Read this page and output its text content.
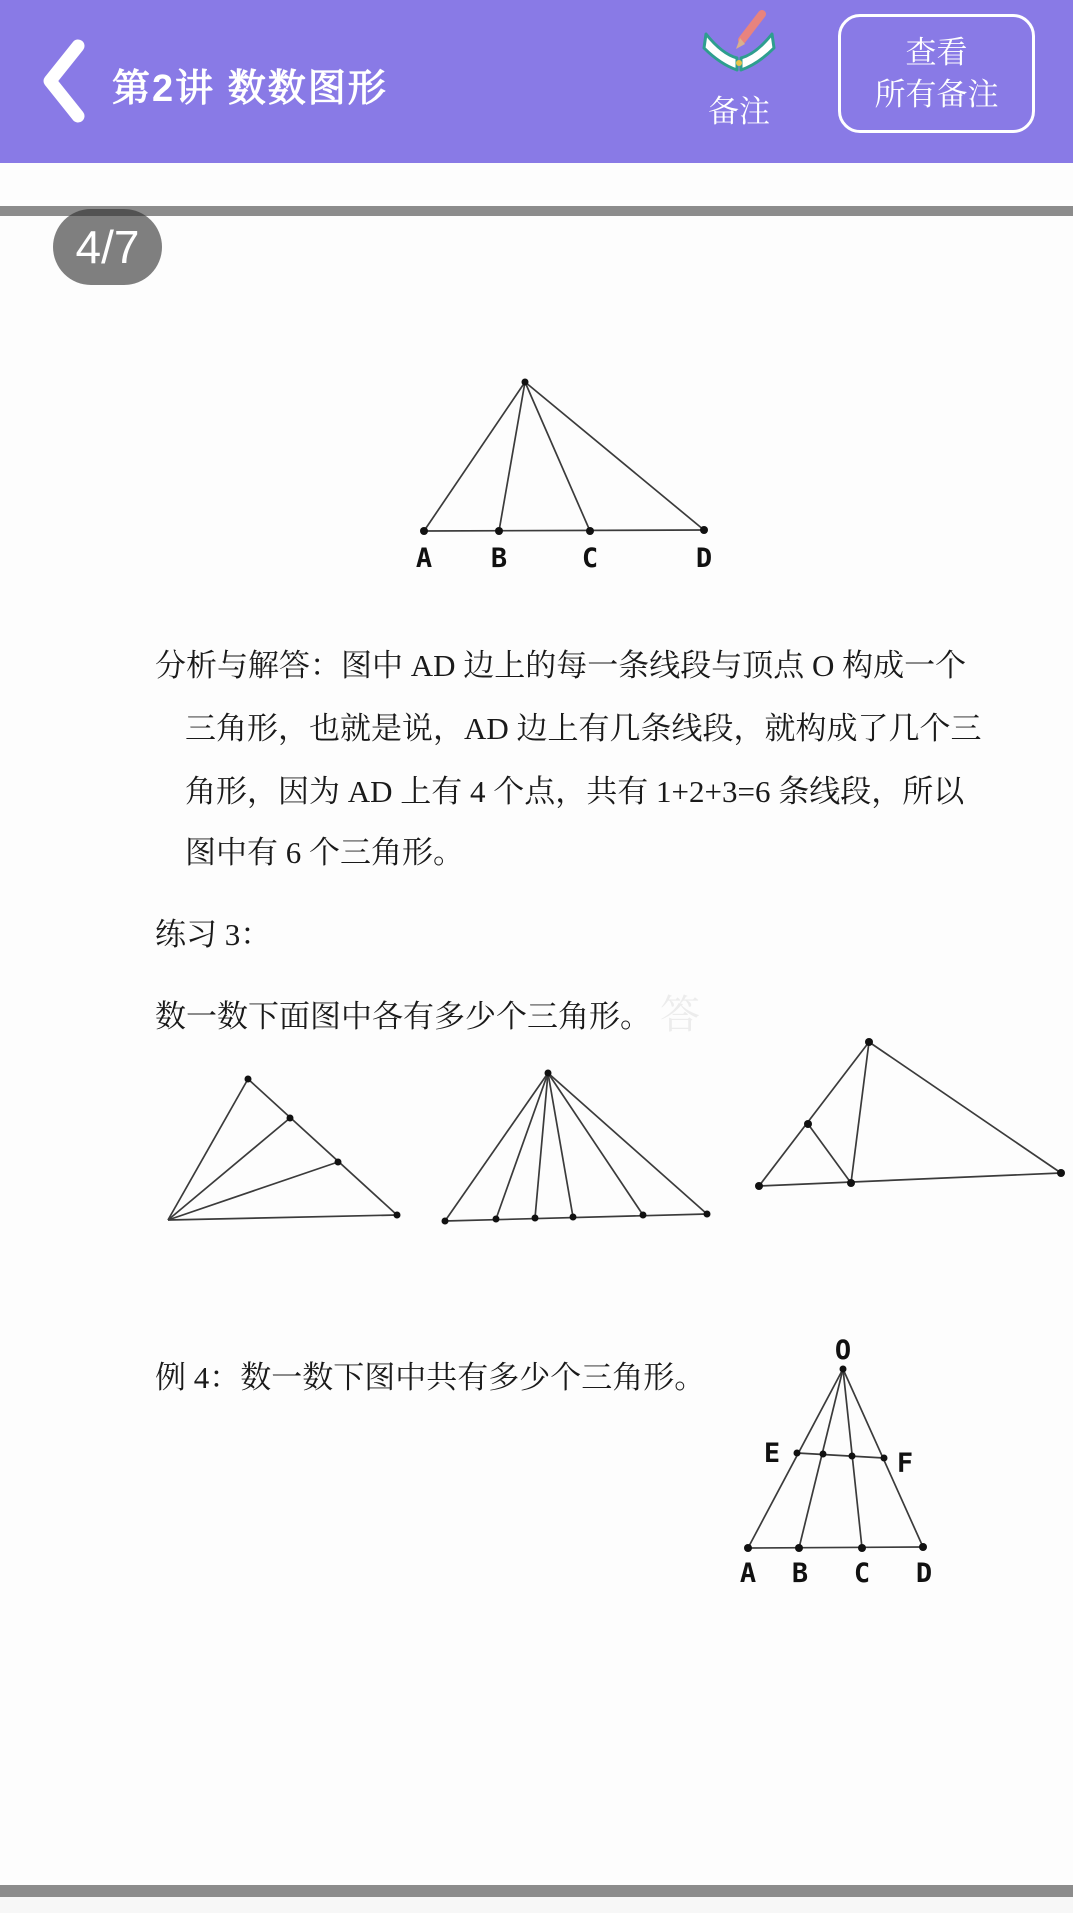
第2讲 数数图形
备注
查看
所有备注
4/7
A B	C	D
分析与解答：图中 AD 边上的每一条线段与顶点 O 构成一个
三角形，也就是说，AD 边上有几条线段，就构成了几个三
角形，因为 AD 上有 4 个点，共有 1+2+3=6 条线段，所以
图中有 6 个三角形。
练习 3：
数一数下面图中各有多少个三角形。 答
例 4：数一数下图中共有多少个三角形。
O
E	F
A B C D
